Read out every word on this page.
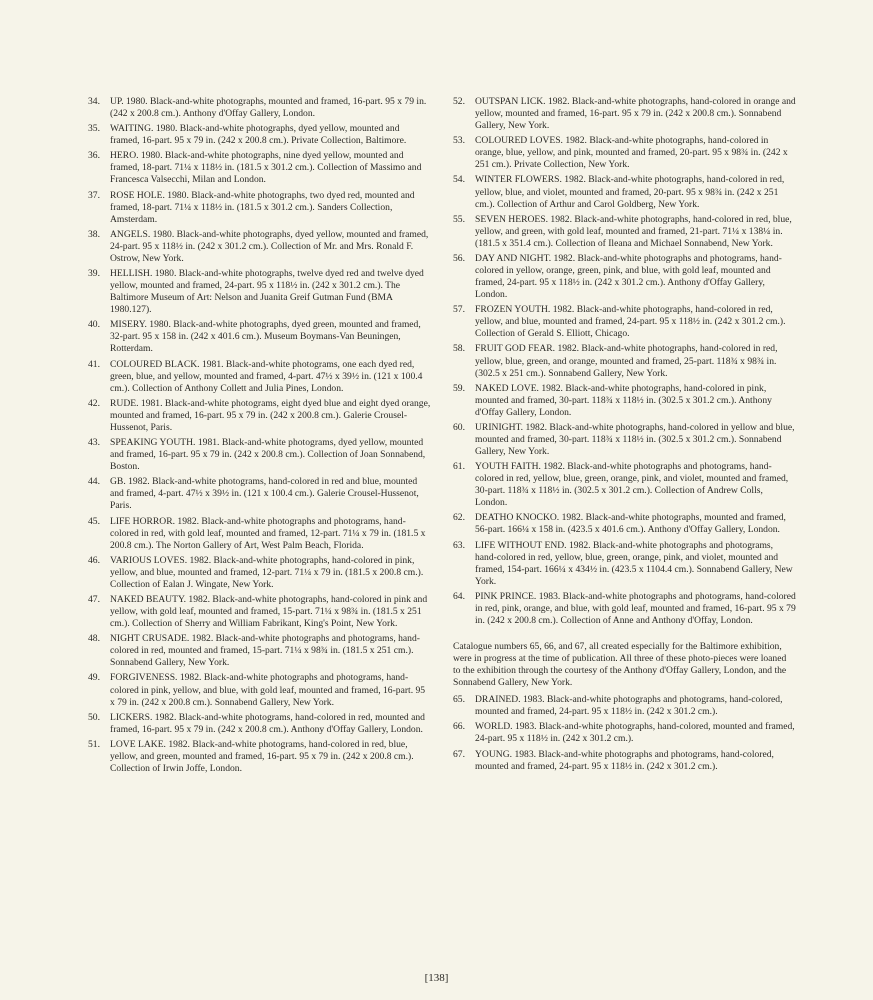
34.	UP. 1980. Black-and-white photographs, mounted and framed, 16-part. 95 x 79 in. (242 x 200.8 cm.). Anthony d'Offay Gallery, London.
35.	WAITING. 1980. Black-and-white photographs, dyed yellow, mounted and framed, 16-part. 95 x 79 in. (242 x 200.8 cm.). Private Collection, Baltimore.
36.	HERO. 1980. Black-and-white photographs, nine dyed yellow, mounted and framed, 18-part. 71¼ x 118½ in. (181.5 x 301.2 cm.). Collection of Massimo and Francesca Valsecchi, Milan and London.
37.	ROSE HOLE. 1980. Black-and-white photographs, two dyed red, mounted and framed, 18-part. 71¼ x 118½ in. (181.5 x 301.2 cm.). Sanders Collection, Amsterdam.
38.	ANGELS. 1980. Black-and-white photographs, dyed yellow, mounted and framed, 24-part. 95 x 118½ in. (242 x 301.2 cm.). Collection of Mr. and Mrs. Ronald F. Ostrow, New York.
39.	HELLISH. 1980. Black-and-white photographs, twelve dyed red and twelve dyed yellow, mounted and framed, 24-part. 95 x 118½ in. (242 x 301.2 cm.). The Baltimore Museum of Art: Nelson and Juanita Greif Gutman Fund (BMA 1980.127).
40.	MISERY. 1980. Black-and-white photographs, dyed green, mounted and framed, 32-part. 95 x 158 in. (242 x 401.6 cm.). Museum Boymans-Van Beuningen, Rotterdam.
41.	COLOURED BLACK. 1981. Black-and-white photograms, one each dyed red, green, blue, and yellow, mounted and framed, 4-part. 47½ x 39½ in. (121 x 100.4 cm.). Collection of Anthony Collett and Julia Pines, London.
42.	RUDE. 1981. Black-and-white photograms, eight dyed blue and eight dyed orange, mounted and framed, 16-part. 95 x 79 in. (242 x 200.8 cm.). Galerie Crousel-Hussenot, Paris.
43.	SPEAKING YOUTH. 1981. Black-and-white photograms, dyed yellow, mounted and framed, 16-part. 95 x 79 in. (242 x 200.8 cm.). Collection of Joan Sonnabend, Boston.
44.	GB. 1982. Black-and-white photograms, hand-colored in red and blue, mounted and framed, 4-part. 47½ x 39½ in. (121 x 100.4 cm.). Galerie Crousel-Hussenot, Paris.
45.	LIFE HORROR. 1982. Black-and-white photographs and photograms, hand-colored in red, with gold leaf, mounted and framed, 12-part. 71¼ x 79 in. (181.5 x 200.8 cm.). The Norton Gallery of Art, West Palm Beach, Florida.
46.	VARIOUS LOVES. 1982. Black-and-white photographs, hand-colored in pink, yellow, and blue, mounted and framed, 12-part. 71¼ x 79 in. (181.5 x 200.8 cm.). Collection of Ealan J. Wingate, New York.
47.	NAKED BEAUTY. 1982. Black-and-white photographs, hand-colored in pink and yellow, with gold leaf, mounted and framed, 15-part. 71¼ x 98¾ in. (181.5 x 251 cm.). Collection of Sherry and William Fabrikant, King's Point, New York.
48.	NIGHT CRUSADE. 1982. Black-and-white photographs and photograms, hand-colored in red, mounted and framed, 15-part. 71¼ x 98¾ in. (181.5 x 251 cm.). Sonnabend Gallery, New York.
49.	FORGIVENESS. 1982. Black-and-white photographs and photograms, hand-colored in pink, yellow, and blue, with gold leaf, mounted and framed, 16-part. 95 x 79 in. (242 x 200.8 cm.). Sonnabend Gallery, New York.
50.	LICKERS. 1982. Black-and-white photograms, hand-colored in red, mounted and framed, 16-part. 95 x 79 in. (242 x 200.8 cm.). Anthony d'Offay Gallery, London.
51.	LOVE LAKE. 1982. Black-and-white photograms, hand-colored in red, blue, yellow, and green, mounted and framed, 16-part. 95 x 79 in. (242 x 200.8 cm.). Collection of Irwin Joffe, London.
52.	OUTSPAN LICK. 1982. Black-and-white photographs, hand-colored in orange and yellow, mounted and framed, 16-part. 95 x 79 in. (242 x 200.8 cm.). Sonnabend Gallery, New York.
53.	COLOURED LOVES. 1982. Black-and-white photographs, hand-colored in orange, blue, yellow, and pink, mounted and framed, 20-part. 95 x 98¾ in. (242 x 251 cm.). Private Collection, New York.
54.	WINTER FLOWERS. 1982. Black-and-white photographs, hand-colored in red, yellow, blue, and violet, mounted and framed, 20-part. 95 x 98¾ in. (242 x 251 cm.). Collection of Arthur and Carol Goldberg, New York.
55.	SEVEN HEROES. 1982. Black-and-white photographs, hand-colored in red, blue, yellow, and green, with gold leaf, mounted and framed, 21-part. 71¼ x 138¼ in. (181.5 x 351.4 cm.). Collection of Ileana and Michael Sonnabend, New York.
56.	DAY AND NIGHT. 1982. Black-and-white photographs and photograms, hand-colored in yellow, orange, green, pink, and blue, with gold leaf, mounted and framed, 24-part. 95 x 118½ in. (242 x 301.2 cm.). Anthony d'Offay Gallery, London.
57.	FROZEN YOUTH. 1982. Black-and-white photographs, hand-colored in red, yellow, and blue, mounted and framed, 24-part. 95 x 118½ in. (242 x 301.2 cm.). Collection of Gerald S. Elliott, Chicago.
58.	FRUIT GOD FEAR. 1982. Black-and-white photographs, hand-colored in red, yellow, blue, green, and orange, mounted and framed, 25-part. 118¾ x 98¾ in. (302.5 x 251 cm.). Sonnabend Gallery, New York.
59.	NAKED LOVE. 1982. Black-and-white photographs, hand-colored in pink, mounted and framed, 30-part. 118¾ x 118½ in. (302.5 x 301.2 cm.). Anthony d'Offay Gallery, London.
60.	URINIGHT. 1982. Black-and-white photographs, hand-colored in yellow and blue, mounted and framed, 30-part. 118¾ x 118½ in. (302.5 x 301.2 cm.). Sonnabend Gallery, New York.
61.	YOUTH FAITH. 1982. Black-and-white photographs and photograms, hand-colored in red, yellow, blue, green, orange, pink, and violet, mounted and framed, 30-part. 118¾ x 118½ in. (302.5 x 301.2 cm.). Collection of Andrew Colls, London.
62.	DEATHO KNOCKO. 1982. Black-and-white photographs, mounted and framed, 56-part. 166¼ x 158 in. (423.5 x 401.6 cm.). Anthony d'Offay Gallery, London.
63.	LIFE WITHOUT END. 1982. Black-and-white photographs and photograms, hand-colored in red, yellow, blue, green, orange, pink, and violet, mounted and framed, 154-part. 166¼ x 434½ in. (423.5 x 1104.4 cm.). Sonnabend Gallery, New York.
64.	PINK PRINCE. 1983. Black-and-white photographs and photograms, hand-colored in red, pink, orange, and blue, with gold leaf, mounted and framed, 16-part. 95 x 79 in. (242 x 200.8 cm.). Collection of Anne and Anthony d'Offay, London.

Catalogue numbers 65, 66, and 67, all created especially for the Baltimore exhibition, were in progress at the time of publication. All three of these photo-pieces were loaned to the exhibition through the courtesy of the Anthony d'Offay Gallery, London, and the Sonnabend Gallery, New York.

65.	DRAINED. 1983. Black-and-white photographs and photograms, hand-colored, mounted and framed, 24-part. 95 x 118½ in. (242 x 301.2 cm.).
66.	WORLD. 1983. Black-and-white photographs, hand-colored, mounted and framed, 24-part. 95 x 118½ in. (242 x 301.2 cm.).
67.	YOUNG. 1983. Black-and-white photographs and photograms, hand-colored, mounted and framed, 24-part. 95 x 118½ in. (242 x 301.2 cm.).
[138]
